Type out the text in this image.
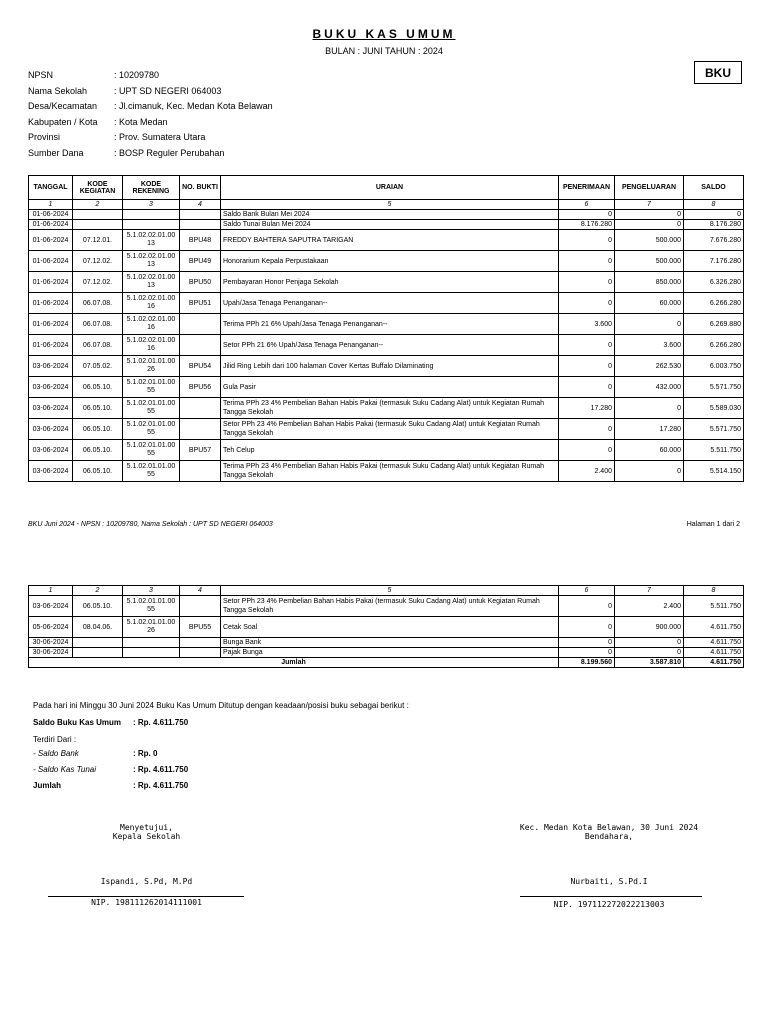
BUKU KAS UMUM
BULAN : JUNI TAHUN : 2024
BKU
NPSN	: 10209780
Nama Sekolah	: UPT SD NEGERI 064003
Desa/Kecamatan	: Jl.cimanuk, Kec. Medan Kota Belawan
Kabupaten / Kota	: Kota Medan
Provinsi	: Prov. Sumatera Utara
Sumber Dana	: BOSP Reguler Perubahan
TANGGAL	KODE KEGIATAN	KODE REKENING	NO. BUKTI	URAIAN	PENERIMAAN	PENGELUARAN	SALDO
1	2	3	4	5	6	7	8
01-06-2024				Saldo Bank Bulan Mei 2024	0	0	0
01-06-2024				Saldo Tunai Bulan Mei 2024	8.176.280	0	8.176.280
01-06-2024	07.12.01.	5.1.02.02.01.00 13	BPU48	FREDDY BAHTERA SAPUTRA TARIGAN	0	500.000	7.676.280
01-06-2024	07.12.02.	5.1.02.02.01.00 13	BPU49	Honorarium Kepala Perpustakaan	0	500.000	7.176.280
01-06-2024	07.12.02.	5.1.02.02.01.00 13	BPU50	Pembayaran Honor Penjaga Sekolah	0	850.000	6.326.280
01-06-2024	06.07.08.	5.1.02.02.01.00 16	BPU51	Upah/Jasa Tenaga Penanganan--	0	60.000	6.266.280
01-06-2024	06.07.08.	5.1.02.02.01.00 16		Terima PPh 21 6% Upah/Jasa Tenaga Penanganan--	3.600	0	6.269.880
01-06-2024	06.07.08.	5.1.02.02.01.00 16		Setor PPh 21 6% Upah/Jasa Tenaga Penanganan--	0	3.600	6.266.280
03-06-2024	07.05.02.	5.1.02.01.01.00 26	BPU54	Jilid Ring Lebih dari 100 halaman Cover Kertas Buffalo Dilaminating	0	262.530	6.003.750
03-06-2024	06.05.10.	5.1.02.01.01.00 55	BPU56	Gula Pasir	0	432.000	5.571.750
03-06-2024	06.05.10.	5.1.02.01.01.00 55		Terima PPh 23 4% Pembelian Bahan Habis Pakai (termasuk Suku Cadang Alat) untuk Kegiatan Rumah Tangga Sekolah	17.280	0	5.589.030
03-06-2024	06.05.10.	5.1.02.01.01.00 55		Setor PPh 23 4% Pembelian Bahan Habis Pakai (termasuk Suku Cadang Alat) untuk Kegiatan Rumah Tangga Sekolah	0	17.280	5.571.750
03-06-2024	06.05.10.	5.1.02.01.01.00 55	BPU57	Teh Celup	0	60.000	5.511.750
03-06-2024	06.05.10.	5.1.02.01.01.00 55		Terima PPh 23 4% Pembelian Bahan Habis Pakai (termasuk Suku Cadang Alat) untuk Kegiatan Rumah Tangga Sekolah	2.400	0	5.514.150
BKU Juni 2024 - NPSN : 10209780, Nama Sekolah : UPT SD NEGERI 064003	Halaman 1 dari 2
1	2	3	4	5	6	7	8
03-06-2024	06.05.10.	5.1.02.01.01.00 55		Setor PPh 23 4% Pembelian Bahan Habis Pakai (termasuk Suku Cadang Alat) untuk Kegiatan Rumah Tangga Sekolah	0	2.400	5.511.750
05-06-2024	08.04.06.	5.1.02.01.01.00 26	BPU55	Cetak Soal	0	900.000	4.611.750
30-06-2024				Bunga Bank	0	0	4.611.750
30-06-2024				Pajak Bunga	0	0	4.611.750
Jumlah					8.199.560	3.587.810	4.611.750
Pada hari ini Minggu 30 Juni 2024 Buku Kas Umum Ditutup dengan keadaan/posisi buku sebagai berikut :
Saldo Buku Kas Umum : Rp. 4.611.750
Terdiri Dari :
- Saldo Bank	: Rp. 0
- Saldo Kas Tunai	: Rp. 4.611.750
Jumlah	: Rp. 4.611.750
Menyetujui,
Kepala Sekolah
Ispandi, S.Pd, M.Pd
NIP. 198111262014111001
Kec. Medan Kota Belawan, 30 Juni 2024
Bendahara,
Nurbaiti, S.Pd.I
NIP. 197112272022213003
